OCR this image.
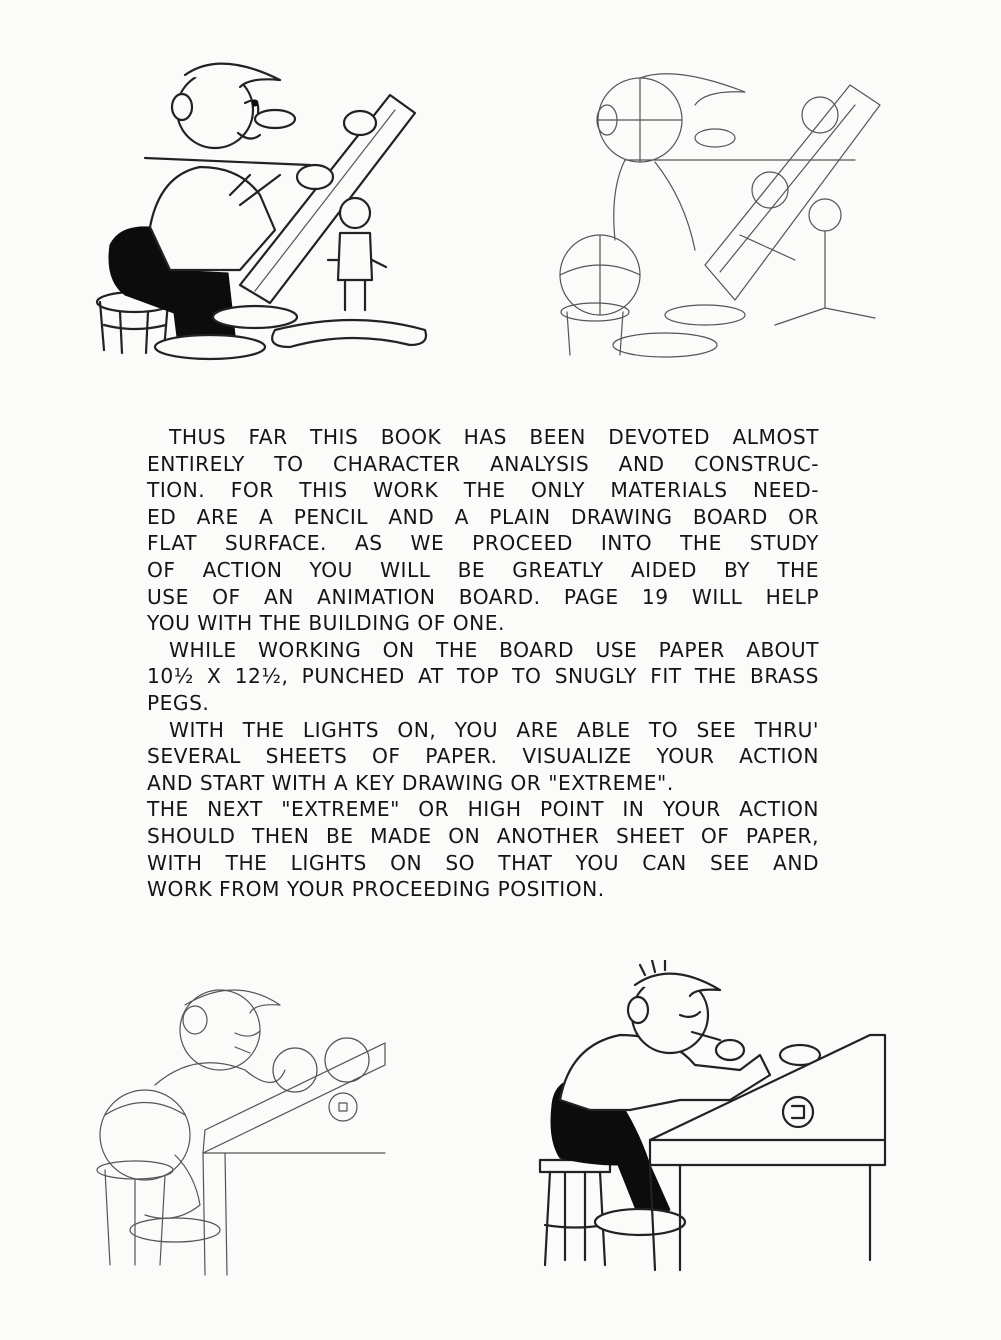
THUS FAR THIS BOOK HAS BEEN DEVOTED ALMOST
ENTIRELY TO CHARACTER ANALYSIS AND CONSTRUC-
TION. FOR THIS WORK THE ONLY MATERIALS NEED-
ED ARE A PENCIL AND A PLAIN DRAWING BOARD OR
FLAT SURFACE. AS WE PROCEED INTO THE STUDY
OF ACTION YOU WILL BE GREATLY AIDED BY THE
USE OF AN ANIMATION BOARD. PAGE 19 WILL HELP
YOU WITH THE BUILDING OF ONE.
WHILE WORKING ON THE BOARD USE PAPER ABOUT
10½ X 12½, PUNCHED AT TOP TO SNUGLY FIT THE BRASS
PEGS.
WITH THE LIGHTS ON, YOU ARE ABLE TO SEE THRU'
SEVERAL SHEETS OF PAPER. VISUALIZE YOUR ACTION
AND START WITH A KEY DRAWING OR "EXTREME".
THE NEXT "EXTREME" OR HIGH POINT IN YOUR ACTION
SHOULD THEN BE MADE ON ANOTHER SHEET OF PAPER,
WITH THE LIGHTS ON SO THAT YOU CAN SEE AND
WORK FROM YOUR PROCEEDING POSITION.
